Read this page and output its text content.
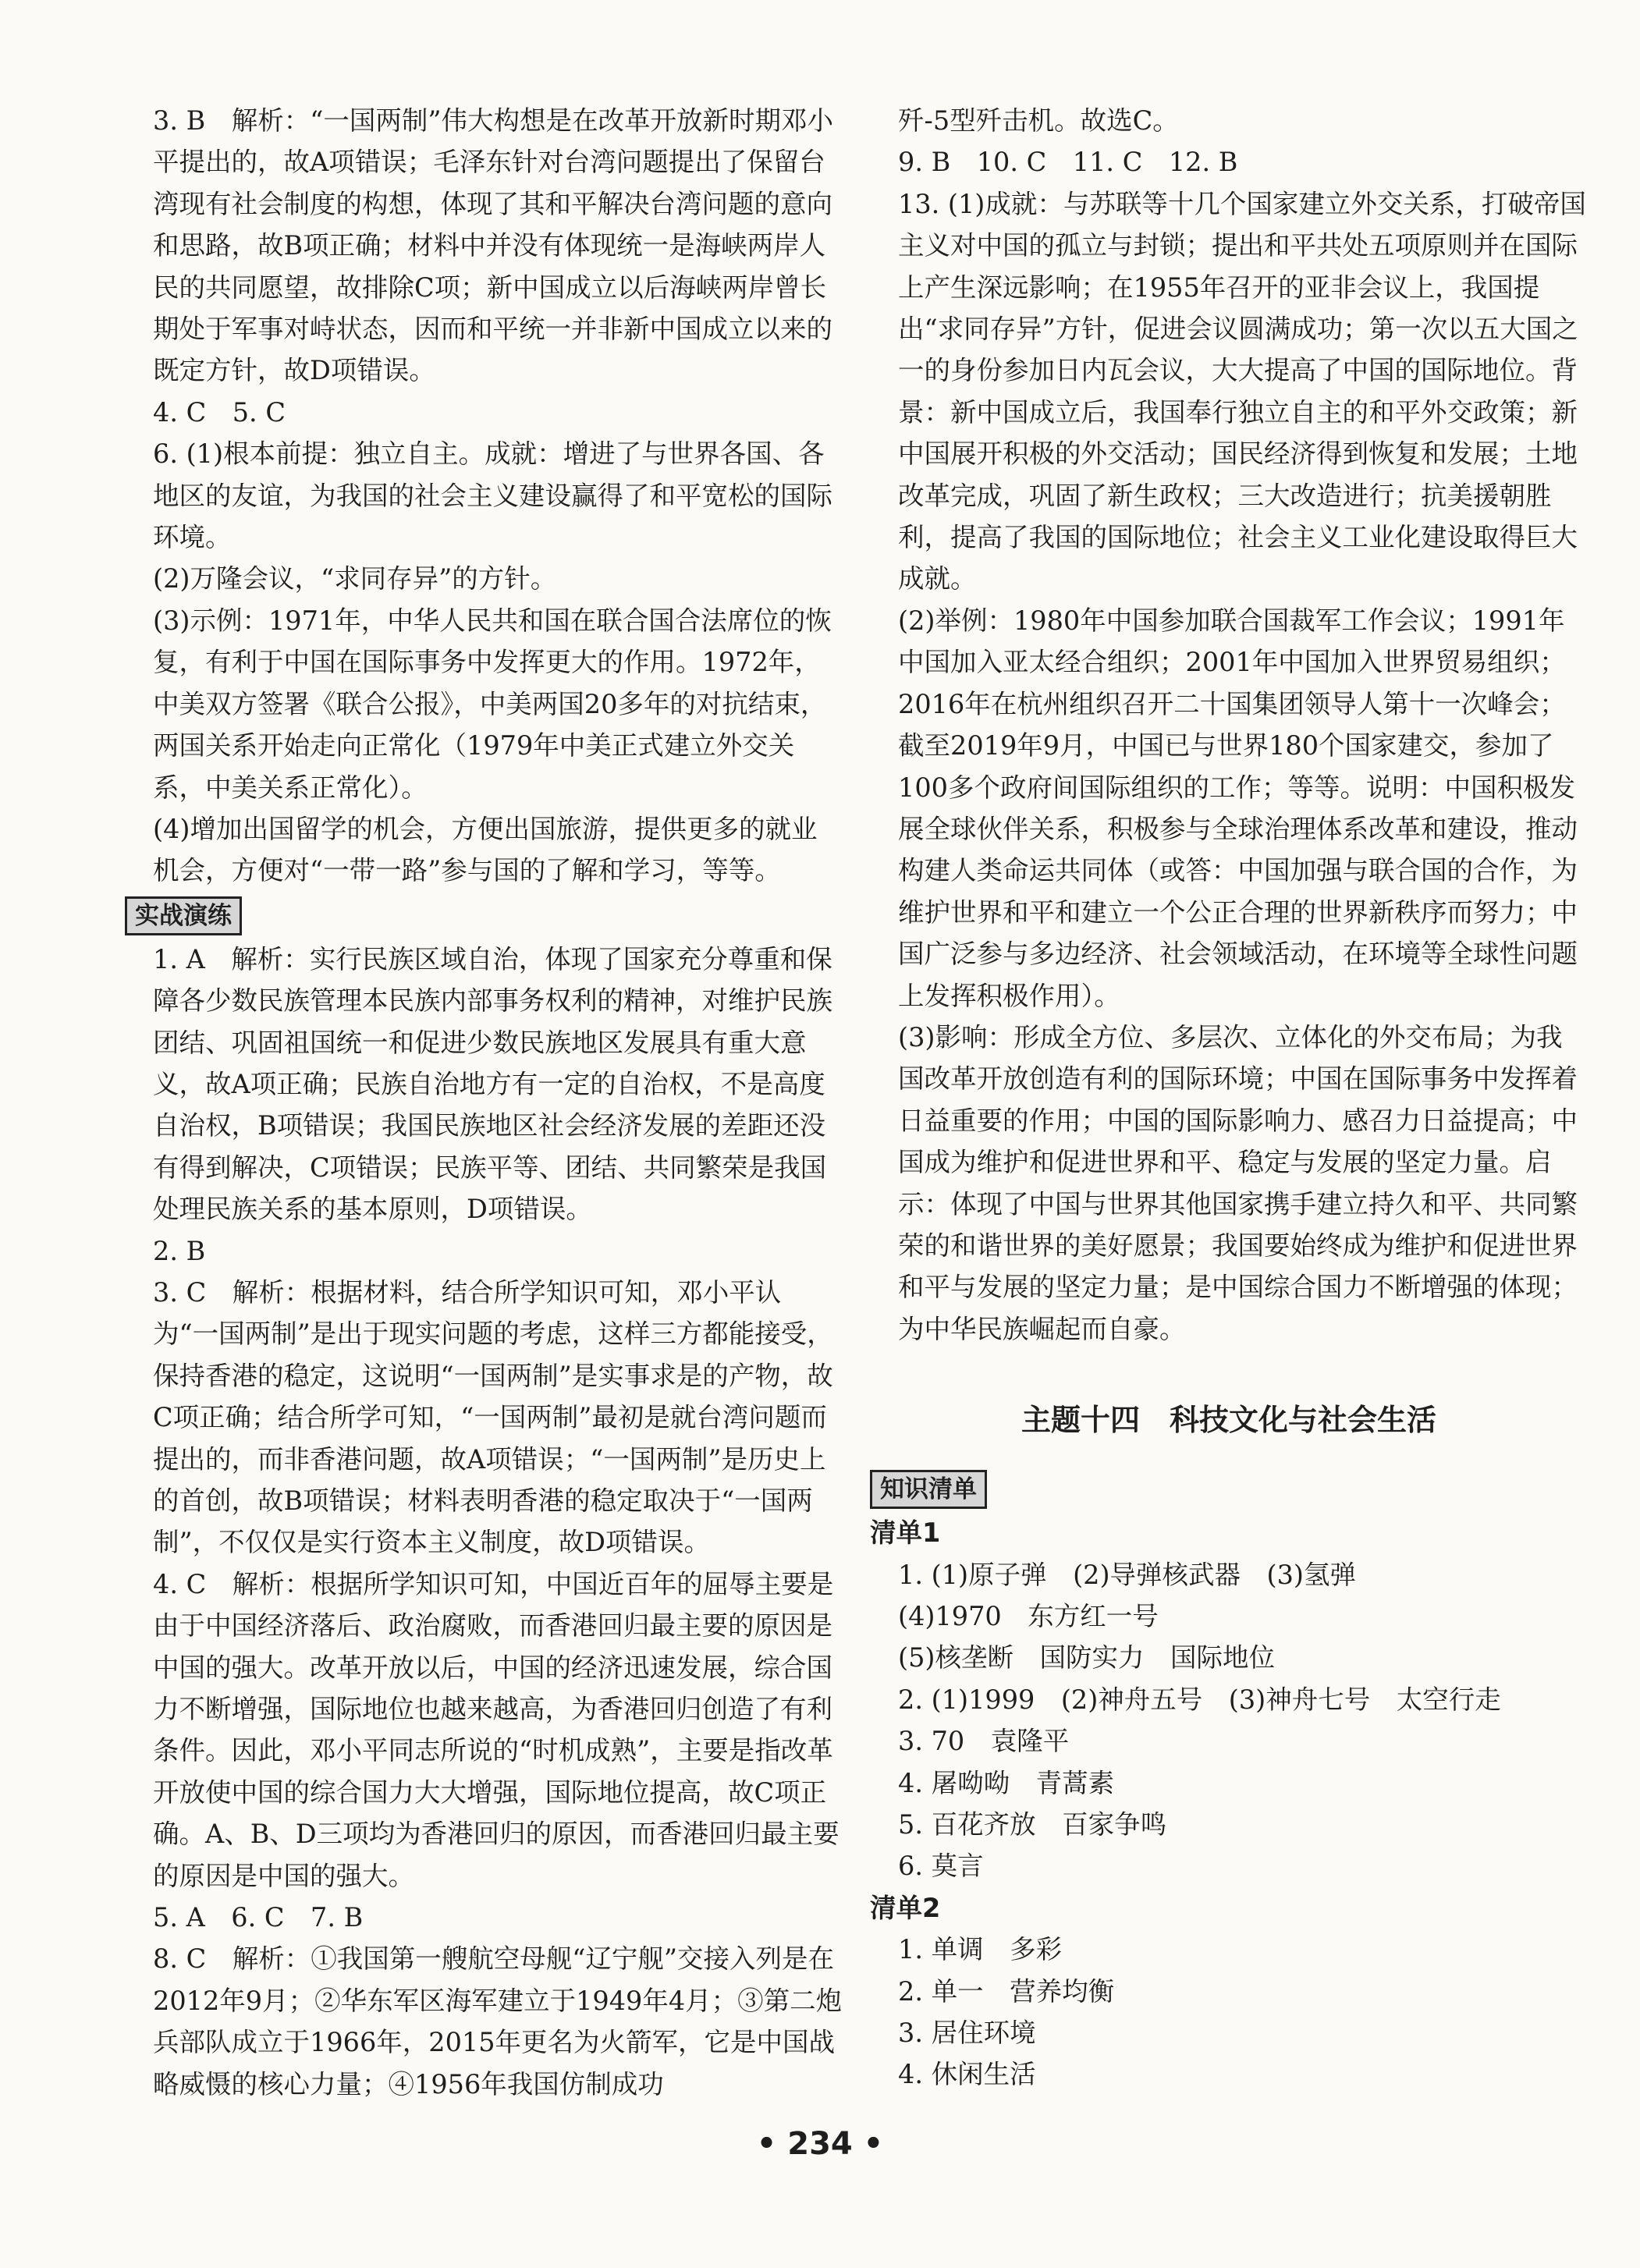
3. B　解析：“一国两制”伟大构想是在改革开放新时期邓小平提出的，故A项错误；毛泽东针对台湾问题提出了保留台湾现有社会制度的构想，体现了其和平解决台湾问题的意向和思路，故B项正确；材料中并没有体现统一是海峡两岸人民的共同愿望，故排除C项；新中国成立以后海峡两岸曾长期处于军事对峙状态，因而和平统一并非新中国成立以来的既定方针，故D项错误。
4. C　5. C
6. (1)根本前提：独立自主。成就：增进了与世界各国、各地区的友谊，为我国的社会主义建设赢得了和平宽松的国际环境。
(2)万隆会议，“求同存异”的方针。
(3)示例：1971年，中华人民共和国在联合国合法席位的恢复，有利于中国在国际事务中发挥更大的作用。1972年，中美双方签署《联合公报》，中美两国20多年的对抗结束，两国关系开始走向正常化（1979年中美正式建立外交关系，中美关系正常化）。
(4)增加出国留学的机会，方便出国旅游，提供更多的就业机会，方便对“一带一路”参与国的了解和学习，等等。
实战演练
1. A　解析：实行民族区域自治，体现了国家充分尊重和保障各少数民族管理本民族内部事务权利的精神，对维护民族团结、巩固祖国统一和促进少数民族地区发展具有重大意义，故A项正确；民族自治地方有一定的自治权，不是高度自治权，B项错误；我国民族地区社会经济发展的差距还没有得到解决，C项错误；民族平等、团结、共同繁荣是我国处理民族关系的基本原则，D项错误。
2. B
3. C　解析：根据材料，结合所学知识可知，邓小平认为“一国两制”是出于现实问题的考虑，这样三方都能接受，保持香港的稳定，这说明“一国两制”是实事求是的产物，故C项正确；结合所学可知，“一国两制”最初是就台湾问题而提出的，而非香港问题，故A项错误；“一国两制”是历史上的首创，故B项错误；材料表明香港的稳定取决于“一国两制”，不仅仅是实行资本主义制度，故D项错误。
4. C　解析：根据所学知识可知，中国近百年的屈辱主要是由于中国经济落后、政治腐败，而香港回归最主要的原因是中国的强大。改革开放以后，中国的经济迅速发展，综合国力不断增强，国际地位也越来越高，为香港回归创造了有利条件。因此，邓小平同志所说的“时机成熟”，主要是指改革开放使中国的综合国力大大增强，国际地位提高，故C项正确。A、B、D三项均为香港回归的原因，而香港回归最主要的原因是中国的强大。
5. A　6. C　7. B
8. C　解析：①我国第一艘航空母舰“辽宁舰”交接入列是在2012年9月；②华东军区海军建立于1949年4月；③第二炮兵部队成立于1966年，2015年更名为火箭军，它是中国战略威慑的核心力量；④1956年我国仿制成功
歼-5型歼击机。故选C。
9. B　10. C　11. C　12. B
13. (1)成就：与苏联等十几个国家建立外交关系，打破帝国主义对中国的孤立与封锁；提出和平共处五项原则并在国际上产生深远影响；在1955年召开的亚非会议上，我国提出“求同存异”方针，促进会议圆满成功；第一次以五大国之一的身份参加日内瓦会议，大大提高了中国的国际地位。背景：新中国成立后，我国奉行独立自主的和平外交政策；新中国展开积极的外交活动；国民经济得到恢复和发展；土地改革完成，巩固了新生政权；三大改造进行；抗美援朝胜利，提高了我国的国际地位；社会主义工业化建设取得巨大成就。
(2)举例：1980年中国参加联合国裁军工作会议；1991年中国加入亚太经合组织；2001年中国加入世界贸易组织；2016年在杭州组织召开二十国集团领导人第十一次峰会；截至2019年9月，中国已与世界180个国家建交，参加了100多个政府间国际组织的工作；等等。说明：中国积极发展全球伙伴关系，积极参与全球治理体系改革和建设，推动构建人类命运共同体（或答：中国加强与联合国的合作，为维护世界和平和建立一个公正合理的世界新秩序而努力；中国广泛参与多边经济、社会领域活动，在环境等全球性问题上发挥积极作用）。
(3)影响：形成全方位、多层次、立体化的外交布局；为我国改革开放创造有利的国际环境；中国在国际事务中发挥着日益重要的作用；中国的国际影响力、感召力日益提高；中国成为维护和促进世界和平、稳定与发展的坚定力量。启示：体现了中国与世界其他国家携手建立持久和平、共同繁荣的和谐世界的美好愿景；我国要始终成为维护和促进世界和平与发展的坚定力量；是中国综合国力不断增强的体现；为中华民族崛起而自豪。
主题十四　科技文化与社会生活
知识清单
清单1
1. (1)原子弹　(2)导弹核武器　(3)氢弹
(4)1970　东方红一号
(5)核垄断　国防实力　国际地位
2. (1)1999　(2)神舟五号　(3)神舟七号　太空行走
3. 70　袁隆平
4. 屠呦呦　青蒿素
5. 百花齐放　百家争鸣
6. 莫言
清单2
1. 单调　多彩
2. 单一　营养均衡
3. 居住环境
4. 休闲生活
• 234 •
